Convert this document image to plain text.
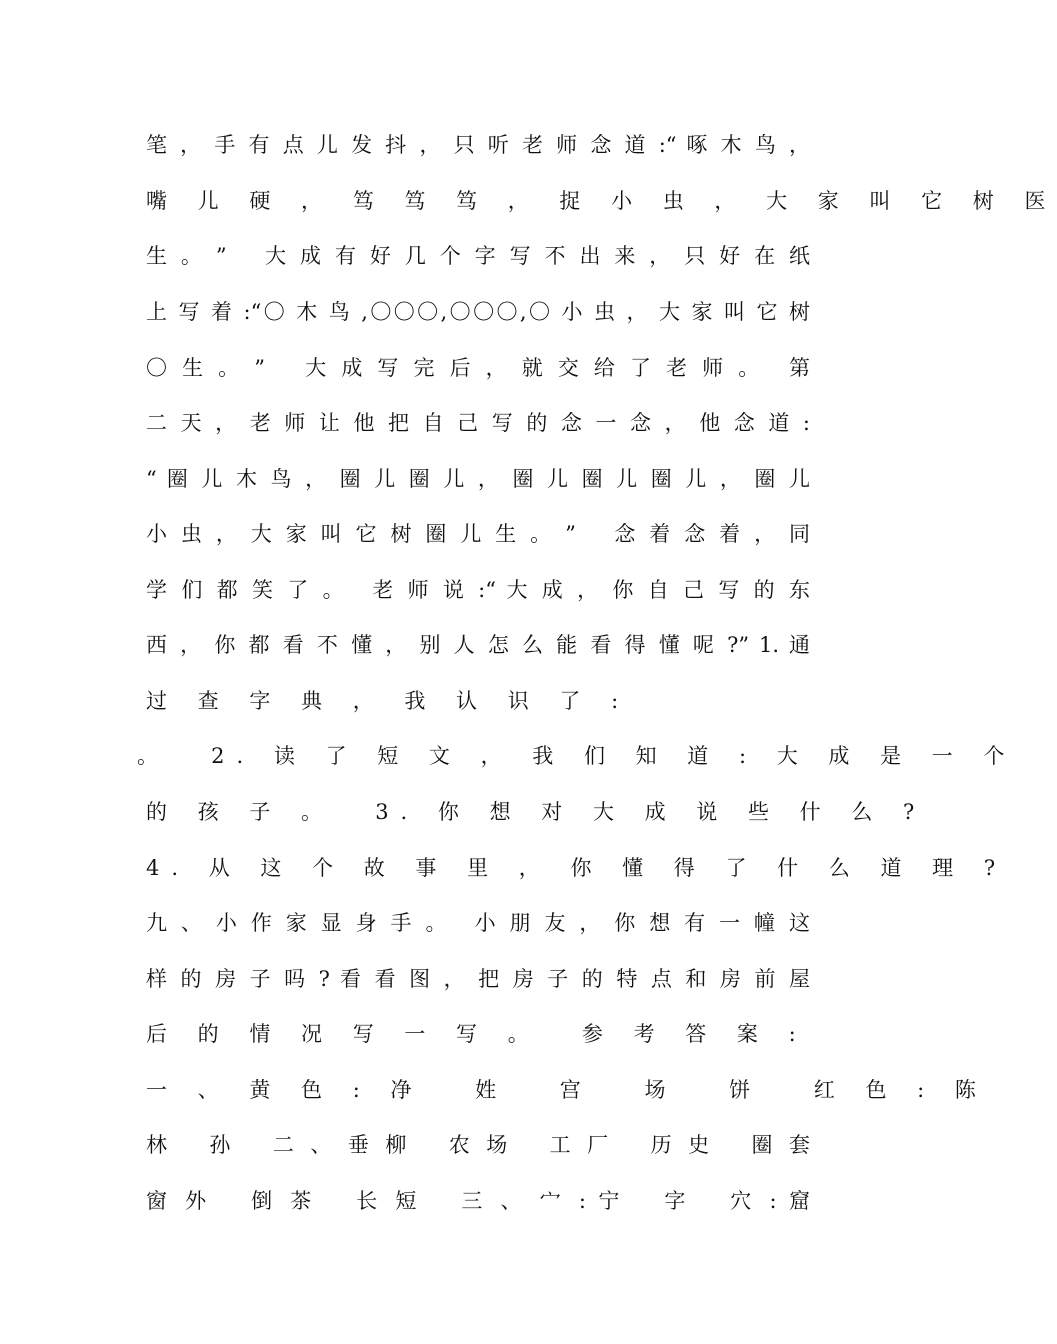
笔 ， 手 有 点 儿 发 抖 ， 只 听 老 师 念 道 :“ 啄 木 鸟 ，
嘴 儿 硬 ， 笃 笃 笃 ， 捉 小 虫 ， 大 家 叫 它 树 医
生 。 ”　 大 成 有 好 几 个 字 写 不 出 来 ， 只 好 在 纸
上 写 着 :“〇 木 鸟 ,〇〇〇,〇〇〇,〇 小 虫 ， 大 家 叫 它 树
〇 生 。 ”　 大 成 写 完 后 ， 就 交 给 了 老 师 。　 第
二 天 ， 老 师 让 他 把 自 己 写 的 念 一 念 ， 他 念 道 :
“ 圈 儿 木 鸟 ， 圈 儿 圈 儿 ， 圈 儿 圈 儿 圈 儿 ， 圈 儿
小 虫 ， 大 家 叫 它 树 圈 儿 生 。 ”　 念 着 念 着 ， 同
学 们 都 笑 了 。　 老 师 说 :“ 大 成 ， 你 自 己 写 的 东
西 ， 你 都 看 不 懂 ， 别 人 怎 么 能 看 得 懂 呢 ?” 1. 通
过 查 字 典 ， 我 认 识 了 :
。　 2. 读 了 短 文 ， 我 们 知 道 : 大 成 是 一 个
的 孩 子 。　 3. 你 想 对 大 成 说 些 什 么 ?
4. 从 这 个 故 事 里 ， 你 懂 得 了 什 么 道 理 ?
九 、 小 作 家 显 身 手 。　 小 朋 友 ， 你 想 有 一 幢 这
样 的 房 子 吗 ? 看 看 图 ， 把 房 子 的 特 点 和 房 前 屋
后 的 情 况 写 一 写 。　 参 考 答 案 :
一 、 黄 色 : 净　 姓　 宫　 场　 饼　 红 色 : 陈
林　 孙　 二 、 垂 柳　 农 场　 工 厂　 历 史　 圈 套
窗 外　 倒 茶　 长 短　 三 、 宀 : 宁　 字　 穴 : 窟
